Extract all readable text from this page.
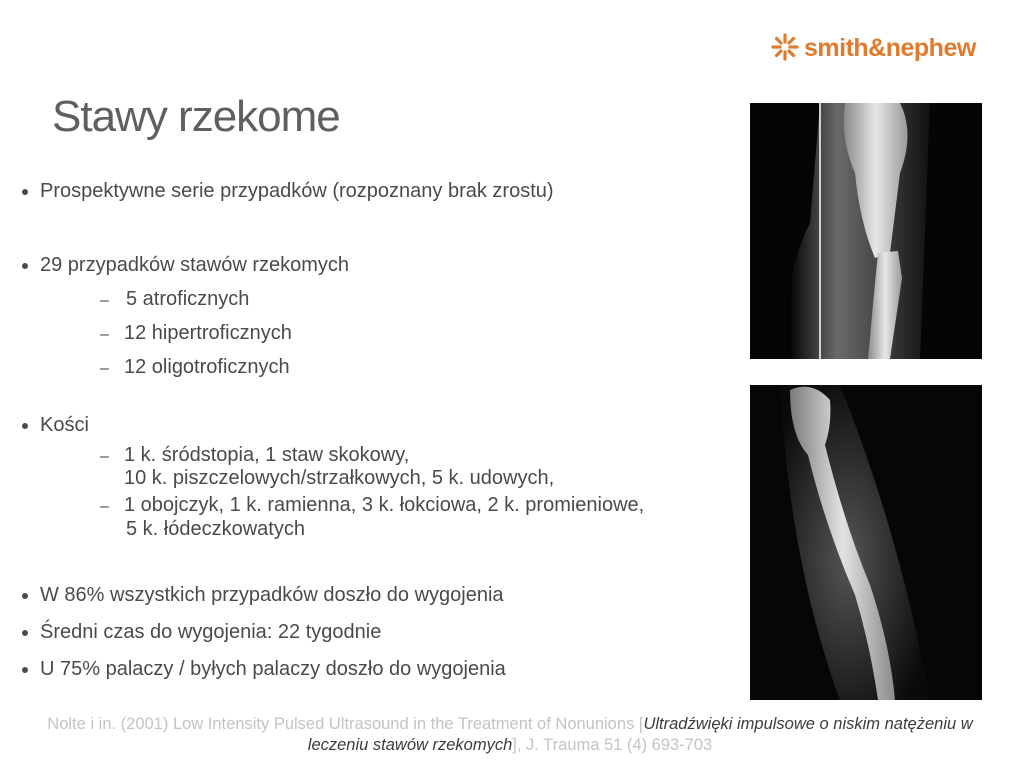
smith&nephew
Stawy rzekome
Prospektywne serie przypadków (rozpoznany brak zrostu)
29 przypadków stawów rzekomych
– 5 atroficznych
– 12 hipertroficznych
– 12 oligotroficznych
Kości
– 1 k. śródstopia, 1 staw skokowy,
10 k. piszczelowych/strzałkowych, 5 k. udowych,
– 1 obojczyk, 1 k. ramienna, 3 k. łokciowa, 2 k. promieniowe,
5 k. łódeczkowatych
W 86% wszystkich przypadków doszło do wygojenia
Średni czas do wygojenia: 22 tygodnie
U 75% palaczy / byłych palaczy doszło do wygojenia
Nolte i in. (2001) Low Intensity Pulsed Ultrasound in the Treatment of Nonunions [Ultradźwięki impulsowe o niskim natężeniu w leczeniu stawów rzekomych], J. Trauma 51 (4) 693-703
